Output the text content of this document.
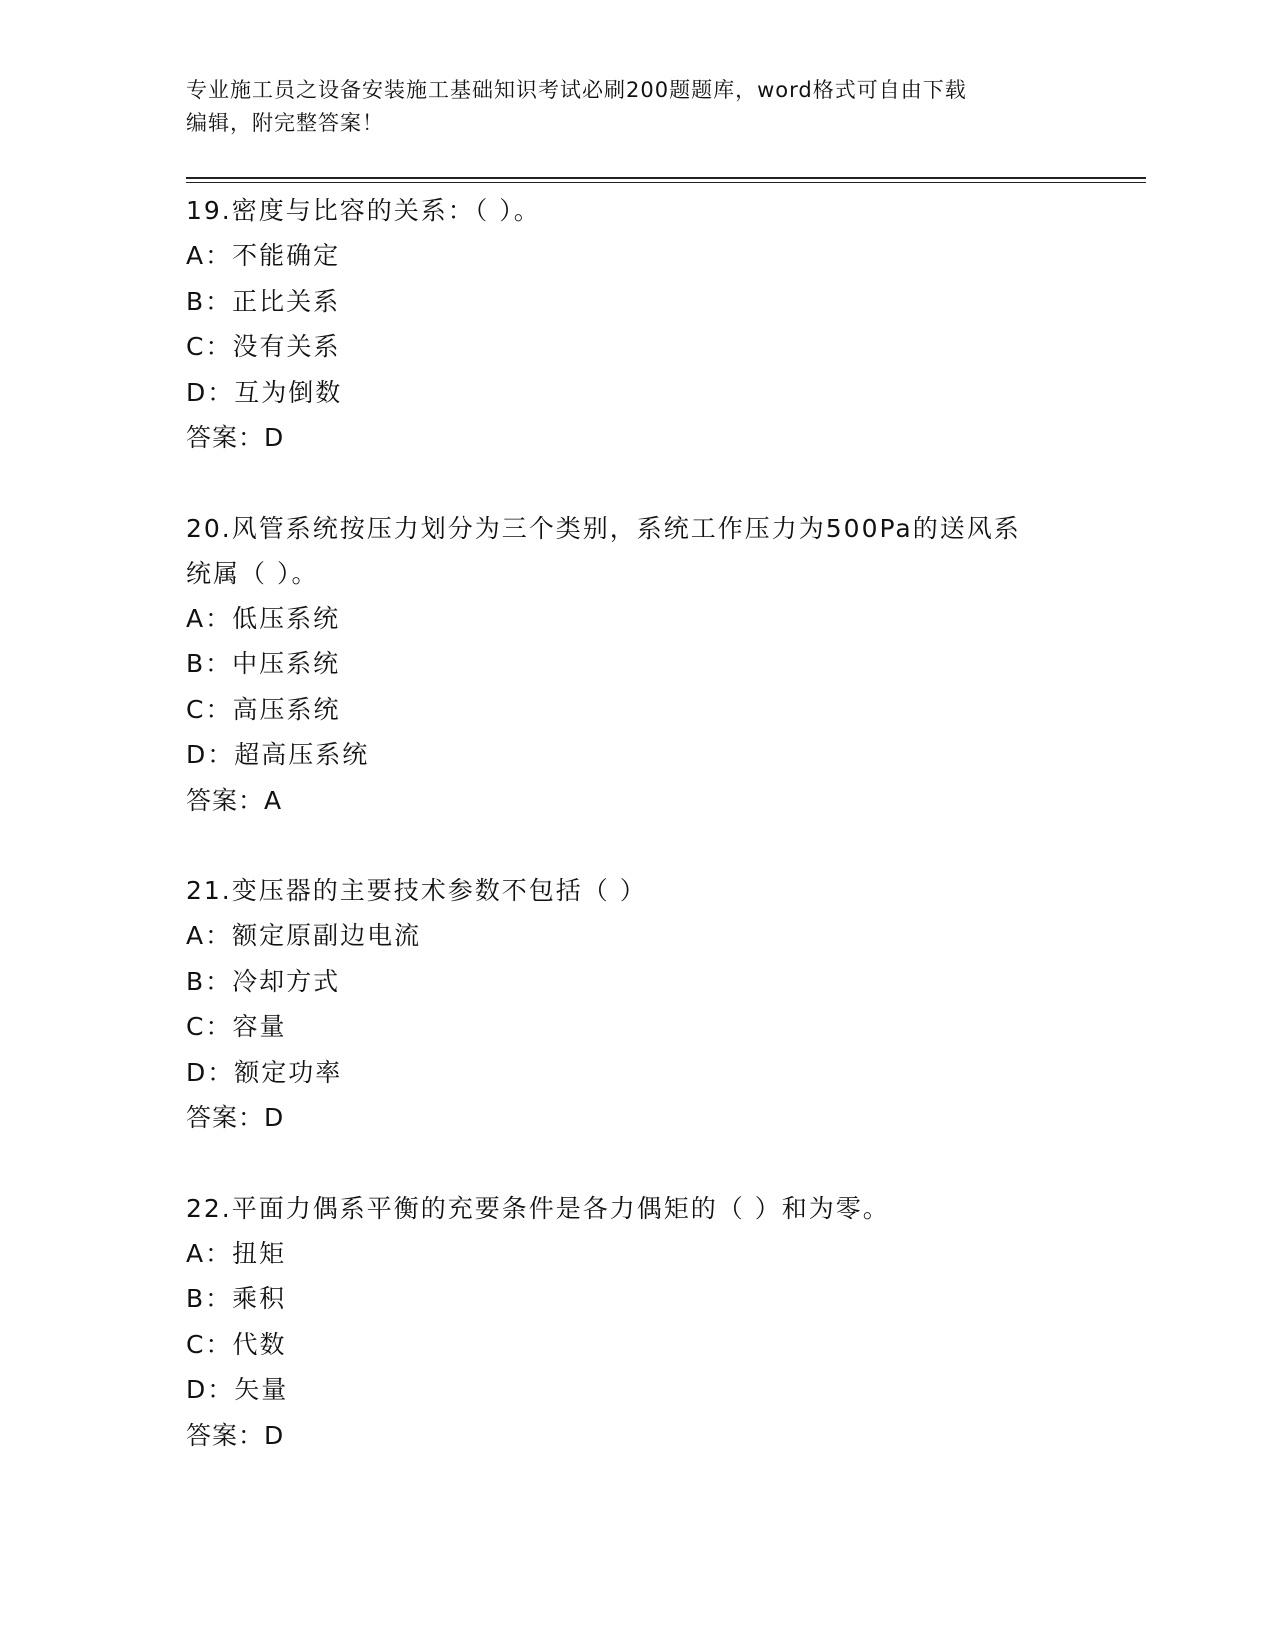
专业施工员之设备安装施工基础知识考试必刷200题题库，word格式可自由下载
编辑，附完整答案！
19.密度与比容的关系：（ ）。
A：不能确定
B：正比关系
C：没有关系
D：互为倒数
答案：D
20.风管系统按压力划分为三个类别，系统工作压力为500Pa的送风系
统属（ ）。
A：低压系统
B：中压系统
C：高压系统
D：超高压系统
答案：A
21.变压器的主要技术参数不包括（ ）
A：额定原副边电流
B：冷却方式
C：容量
D：额定功率
答案：D
22.平面力偶系平衡的充要条件是各力偶矩的（ ）和为零。
A：扭矩
B：乘积
C：代数
D：矢量
答案：D
